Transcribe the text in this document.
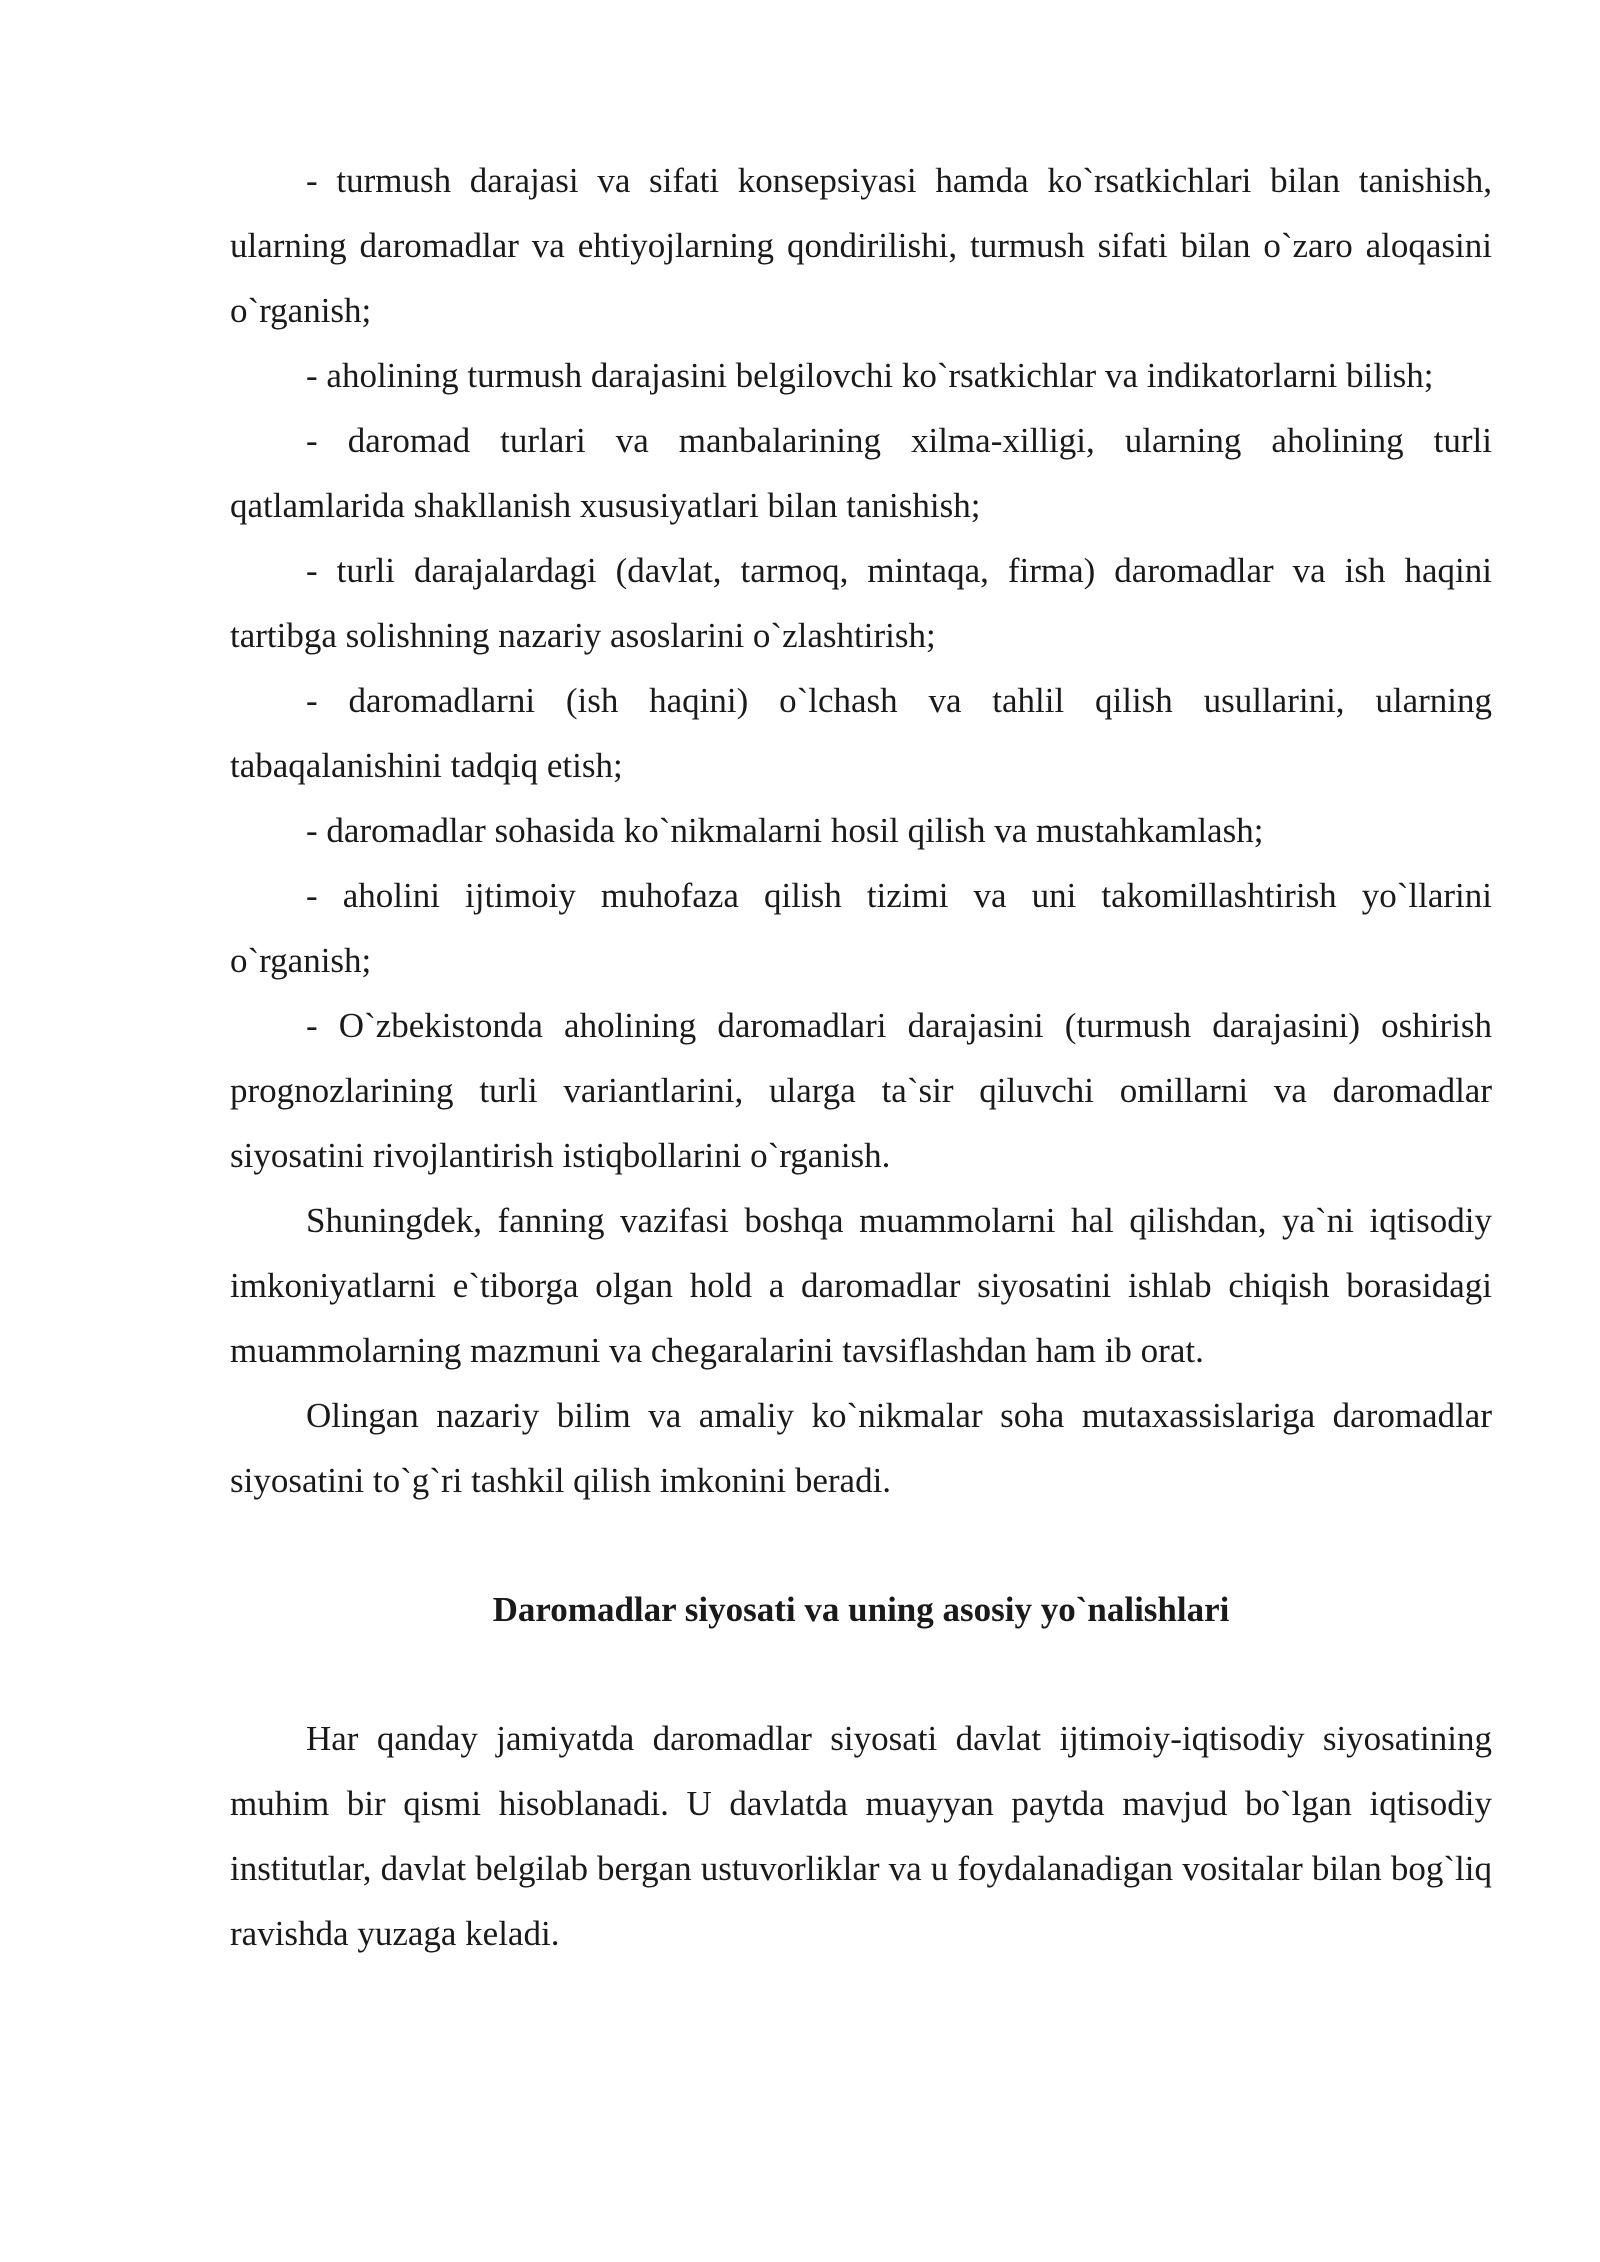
- turmush darajasi va sifati konsepsiyasi hamda ko`rsatkichlari bilan tanishish, ularning daromadlar va ehtiyojlarning qondirilishi, turmush sifati bilan o`zaro aloqasini o`rganish;

- aholining turmush darajasini belgilovchi ko`rsatkichlar va indikatorlarni bilish;

- daromad turlari va manbalarining xilma-xilligi, ularning aholining turli qatlamlarida shakllanish xususiyatlari bilan tanishish;

- turli darajalardagi (davlat, tarmoq, mintaqa, firma) daromadlar va ish haqini tartibga solishning nazariy asoslarini o`zlashtirish;

- daromadlarni (ish haqini) o`lchash va tahlil qilish usullarini, ularning tabaqalanishini tadqiq etish;

- daromadlar sohasida ko`nikmalarni hosil qilish va mustahkamlash;

- aholini ijtimoiy muhofaza qilish tizimi va uni takomillashtirish yo`llarini o`rganish;

- O`zbekistonda aholining daromadlari darajasini (turmush darajasini) oshirish prognozlarining turli variantlarini, ularga ta`sir qiluvchi omillarni va daromadlar siyosatini rivojlantirish istiqbollarini o`rganish.

Shuningdek, fanning vazifasi boshqa muammolarni hal qilishdan, ya`ni iqtisodiy imkoniyatlarni e`tiborga olgan hold a daromadlar siyosatini ishlab chiqish borasidagi muammolarning mazmuni va chegaralarini tavsiflashdan ham ib orat.

Olingan nazariy bilim va amaliy ko`nikmalar soha mutaxassislariga daromadlar siyosatini to`g`ri tashkil qilish imkonini beradi.

Daromadlar siyosati va uning asosiy yo`nalishlari

Har qanday jamiyatda daromadlar siyosati davlat ijtimoiy-iqtisodiy siyosatining muhim bir qismi hisoblanadi. U davlatda muayyan paytda mavjud bo`lgan iqtisodiy institutlar, davlat belgilab bergan ustuvorliklar va u foydalanadigan vositalar bilan bog`liq ravishda yuzaga keladi.
